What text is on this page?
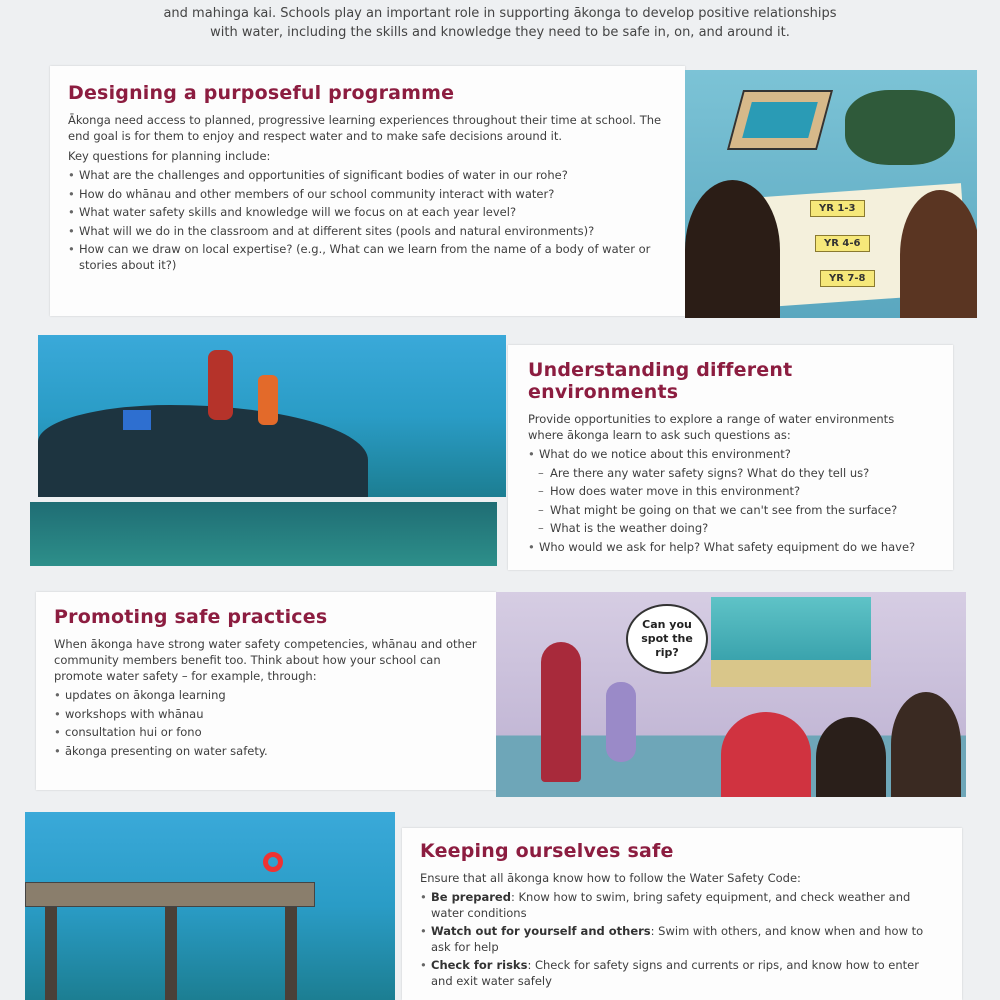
and mahinga kai. Schools play an important role in supporting ākonga to develop positive relationships
with water, including the skills and knowledge they need to be safe in, on, and around it.
Designing a purposeful programme

Ākonga need access to planned, progressive learning experiences throughout their time at school. The end goal is for them to enjoy and respect water and to make safe decisions around it.

Key questions for planning include:

• What are the challenges and opportunities of significant bodies of water in our rohe?
• How do whānau and other members of our school community interact with water?
• What water safety skills and knowledge will we focus on at each year level?
• What will we do in the classroom and at different sites (pools and natural environments)?
• How can we draw on local expertise? (e.g., What can we learn from the name of a body of water or stories about it?)
YR 1-3
YR 4-6
YR 7-8
Understanding different environments

Provide opportunities to explore a range of water environments where ākonga learn to ask such questions as:

• What do we notice about this environment?
– Are there any water safety signs? What do they tell us?
– How does water move in this environment?
– What might be going on that we can't see from the surface?
– What is the weather doing?
• Who would we ask for help? What safety equipment do we have?
Promoting safe practices

When ākonga have strong water safety competencies, whānau and other community members benefit too. Think about how your school can promote water safety – for example, through:

• updates on ākonga learning
• workshops with whānau
• consultation hui or fono
• ākonga presenting on water safety.
Can you spot the rip?
Keeping ourselves safe

Ensure that all ākonga know how to follow the Water Safety Code:

• Be prepared: Know how to swim, bring safety equipment, and check weather and water conditions
• Watch out for yourself and others: Swim with others, and know when and how to ask for help
• Check for risks: Check for safety signs and currents or rips, and know how to enter and exit water safely
